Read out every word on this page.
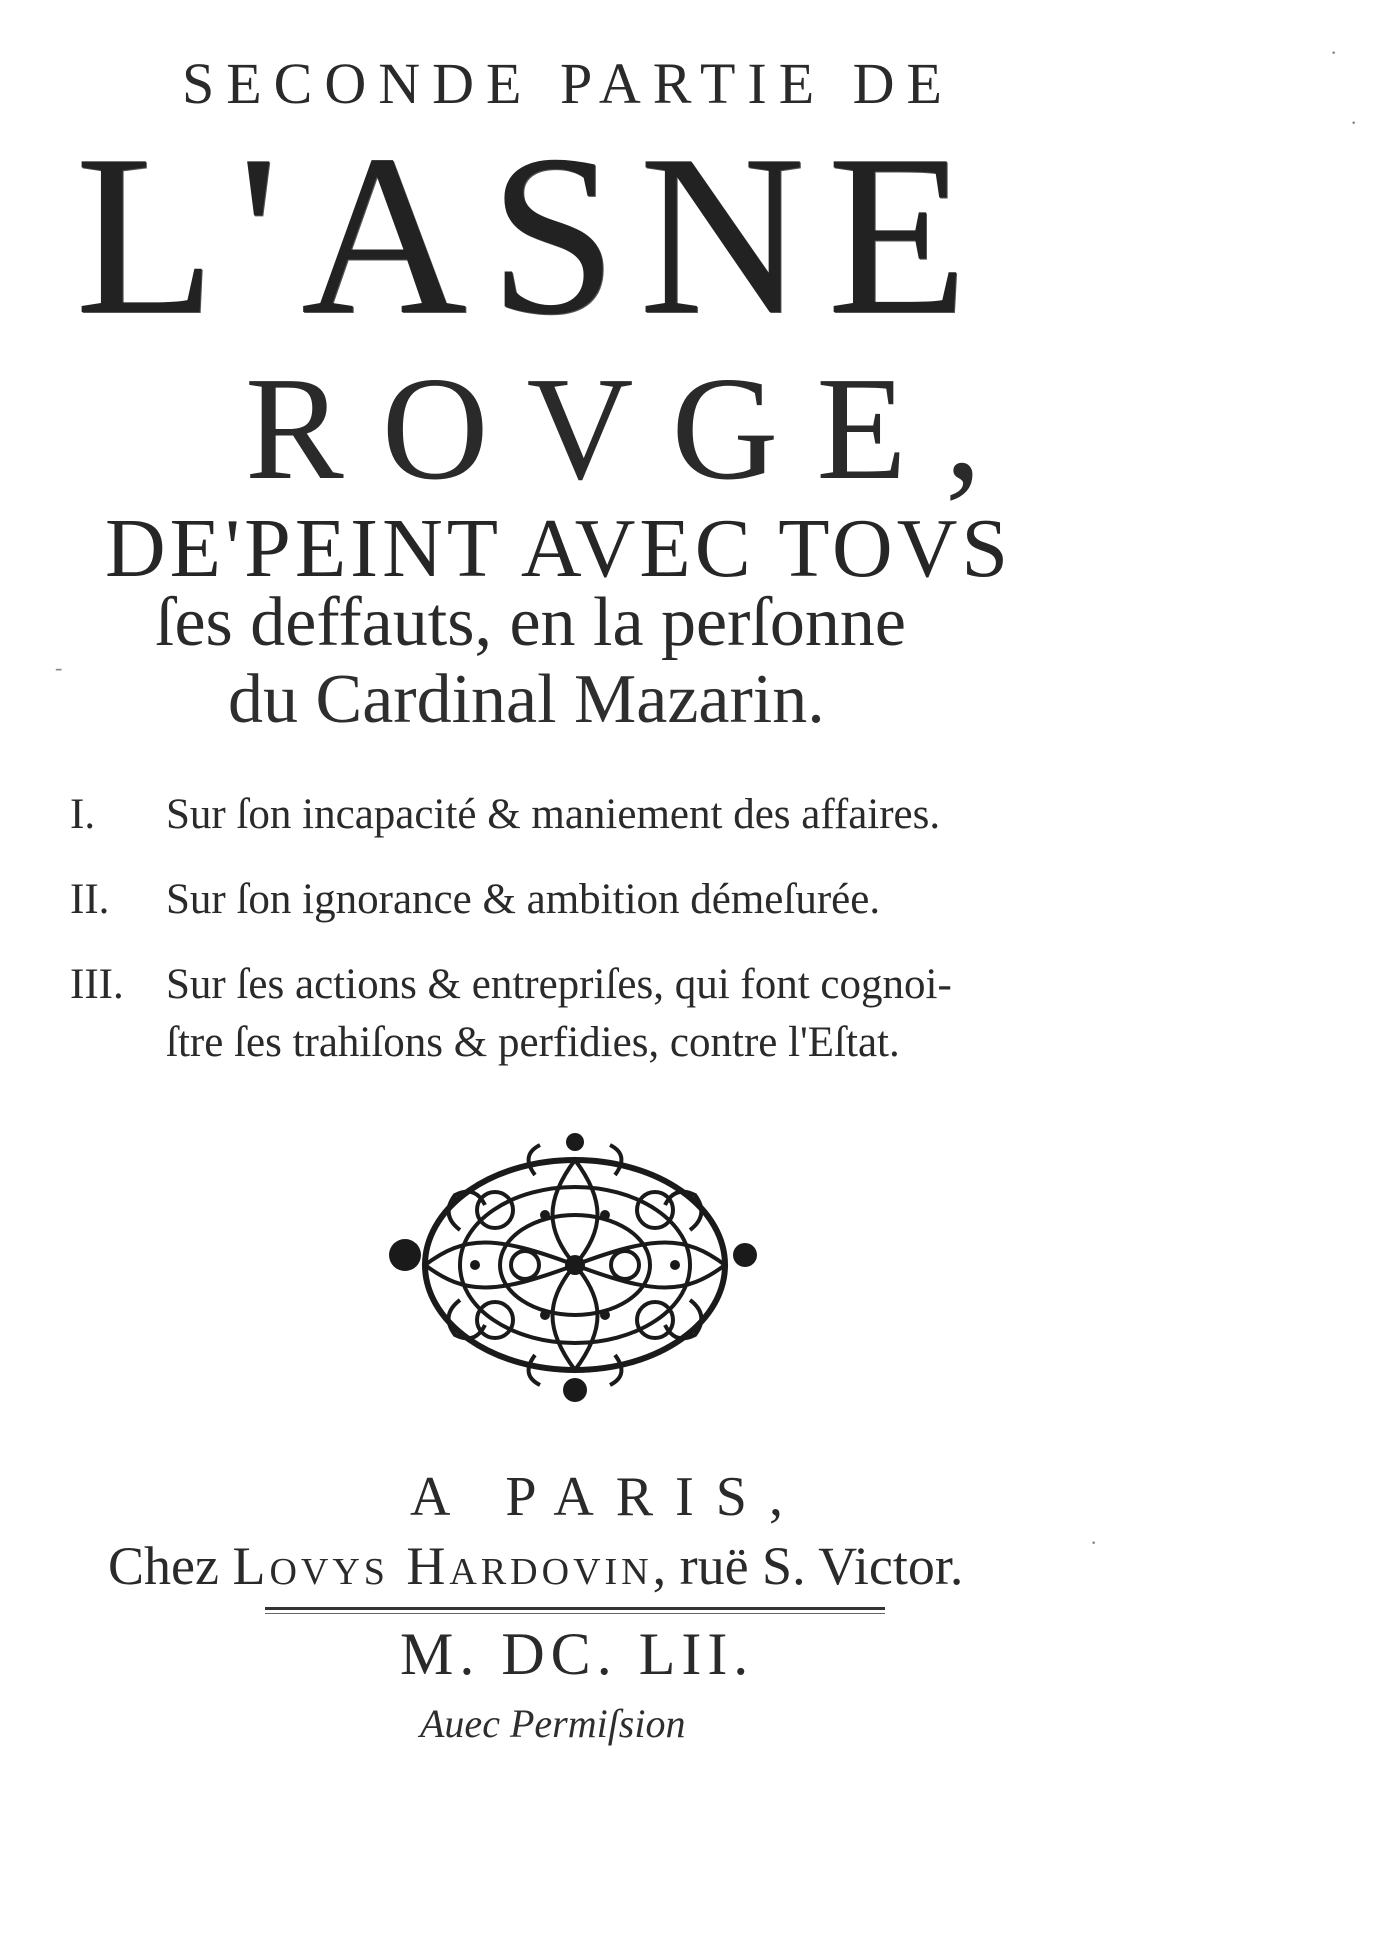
SECONDE PARTIE DE
L'ASNE
ROVGE,
DE'PEINT AVEC TOVS
ſes deffauts, en la perſonne
du Cardinal Mazarin.
I. Sur ſon incapacité & maniement des affaires.
II. Sur ſon ignorance & ambition démeſurée.
III. Sur ſes actions & entrepriſes, qui font cognoi-
ſtre ſes trahiſons & perfidies, contre l'Eſtat.
A PARIS,
Chez Lovys Hardovin, ruë S. Victor.
M. DC. LII.
Auec Permiſsion
·
·
-
·
